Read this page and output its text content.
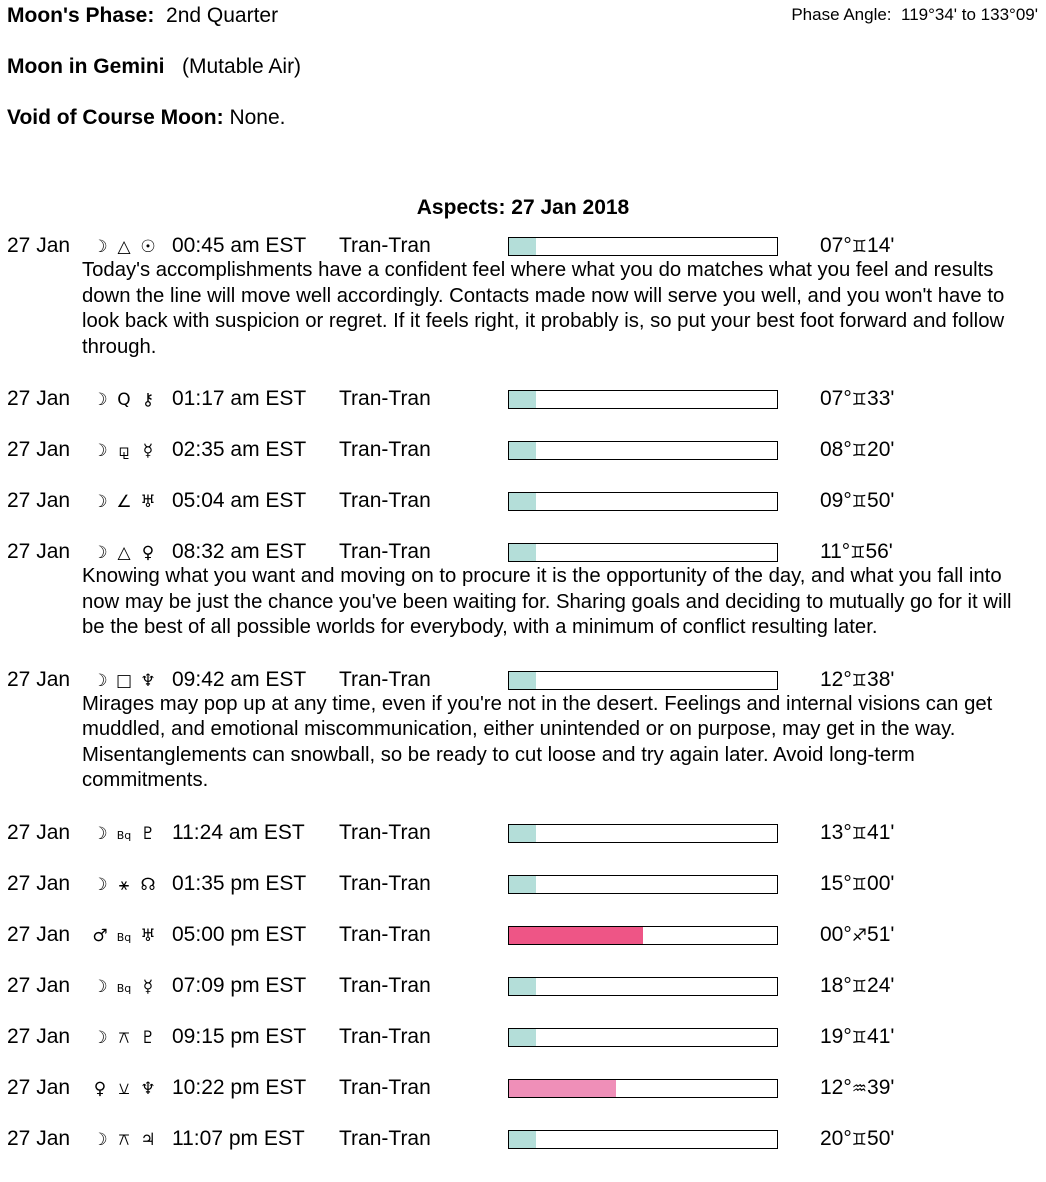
Moon's Phase: 2nd Quarter	Phase Angle: 119°34' to 133°09'
Moon in Gemini (Mutable Air)
Void of Course Moon: None.
Aspects: 27 Jan 2018
27 Jan ☽ △ ☉ 00:45 am EST Tran-Tran	07°♊14'
Today's accomplishments have a confident feel where what you do matches what you feel and results down the line will move well accordingly. Contacts made now will serve you well, and you won't have to look back with suspicion or regret. If it feels right, it probably is, so put your best foot forward and follow through.
27 Jan ☽ Q ⚷ 01:17 am EST Tran-Tran	07°♊33'
27 Jan ☽ ⚼ ☿ 02:35 am EST Tran-Tran	08°♊20'
27 Jan ☽ ∠ ♅ 05:04 am EST Tran-Tran	09°♊50'
27 Jan ☽ △ ♀ 08:32 am EST Tran-Tran	11°♊56'
Knowing what you want and moving on to procure it is the opportunity of the day, and what you fall into now may be just the chance you've been waiting for. Sharing goals and deciding to mutually go for it will be the best of all possible worlds for everybody, with a minimum of conflict resulting later.
27 Jan ☽ □ ♆ 09:42 am EST Tran-Tran	12°♊38'
Mirages may pop up at any time, even if you're not in the desert. Feelings and internal visions can get muddled, and emotional miscommunication, either unintended or on purpose, may get in the way. Misentanglements can snowball, so be ready to cut loose and try again later. Avoid long-term commitments.
27 Jan ☽ Bq ♇ 11:24 am EST Tran-Tran	13°♊41'
27 Jan ☽ ⚹ ☊ 01:35 pm EST Tran-Tran	15°♊00'
27 Jan ♂ Bq ♅ 05:00 pm EST Tran-Tran	00°♐51'
27 Jan ☽ Bq ☿ 07:09 pm EST Tran-Tran	18°♊24'
27 Jan ☽ ⚻ ♇ 09:15 pm EST Tran-Tran	19°♊41'
27 Jan	♀ ⚺ ♆ 10:22 pm EST Tran-Tran	12°♒39'
27 Jan ☽ ⚻ ♃ 11:07 pm EST Tran-Tran	20°♊50'
